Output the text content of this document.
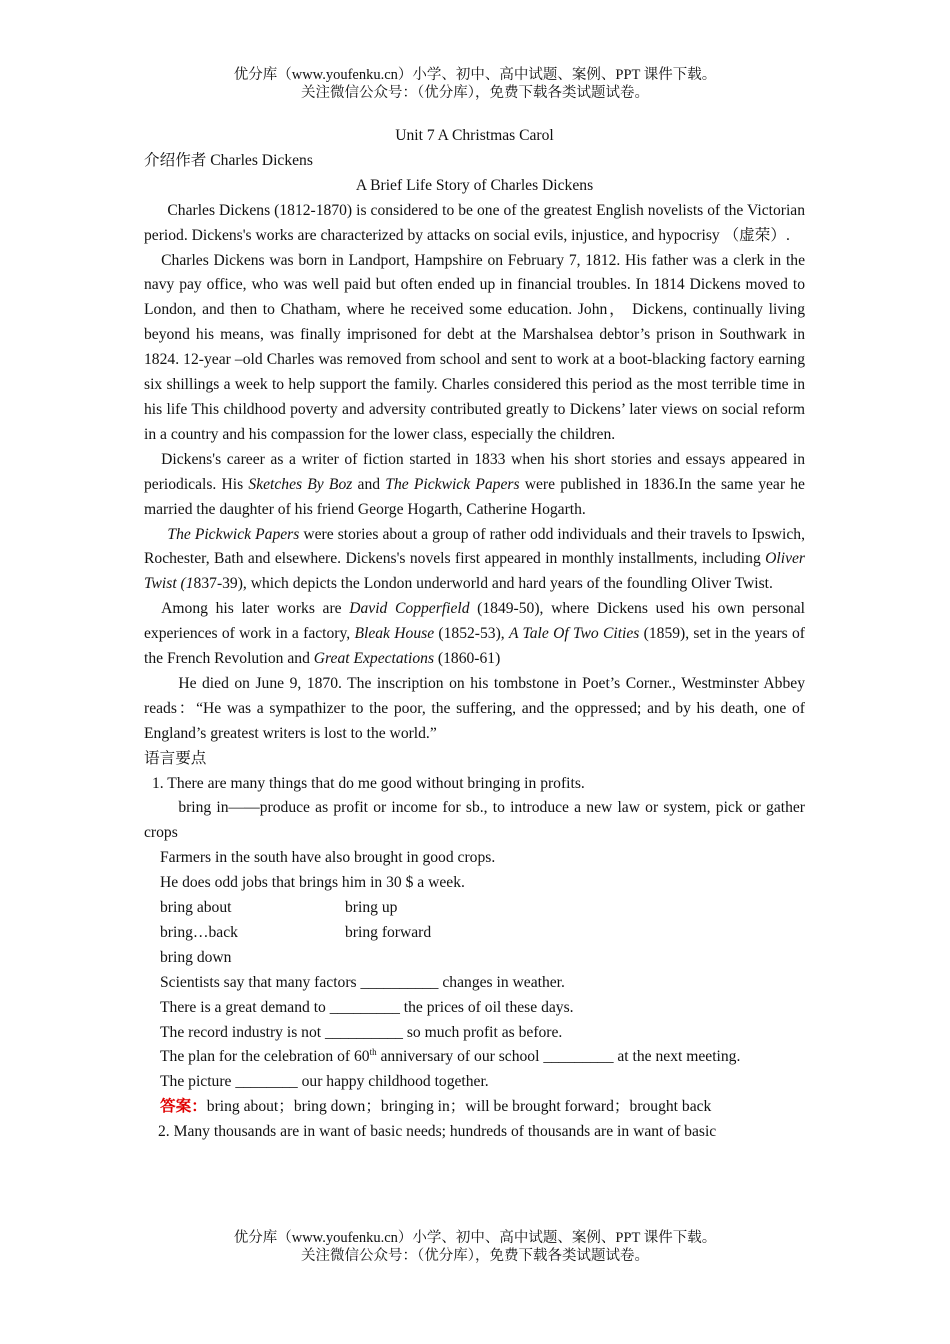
优分库（www.youfenku.cn）小学、初中、高中试题、案例、PPT 课件下载。
关注微信公众号：（优分库），免费下载各类试题试卷。

Unit 7 A Christmas Carol

介绍作者 Charles Dickens

A Brief Life Story of Charles Dickens

Charles Dickens (1812-1870) is considered to be one of the greatest English novelists of the Victorian period. Dickens's works are characterized by attacks on social evils, injustice, and hypocrisy （虚荣）.

Charles Dickens was born in Landport, Hampshire on February 7, 1812. His father was a clerk in the navy pay office, who was well paid but often ended up in financial troubles. In 1814 Dickens moved to London, and then to Chatham, where he received some education. John， Dickens, continually living beyond his means, was finally imprisoned for debt at the Marshalsea debtor’s prison in Southwark in 1824. 12-year –old Charles was removed from school and sent to work at a boot-blacking factory earning six shillings a week to help support the family. Charles considered this period as the most terrible time in his life This childhood poverty and adversity contributed greatly to Dickens’ later views on social reform in a country and his compassion for the lower class, especially the children.

Dickens's career as a writer of fiction started in 1833 when his short stories and essays appeared in periodicals. His Sketches By Boz and The Pickwick Papers were published in 1836.In the same year he married the daughter of his friend George Hogarth, Catherine Hogarth.

The Pickwick Papers were stories about a group of rather odd individuals and their travels to Ipswich, Rochester, Bath and elsewhere. Dickens's novels first appeared in monthly installments, including Oliver Twist (1837-39), which depicts the London underworld and hard years of the foundling Oliver Twist.

Among his later works are David Copperfield (1849-50), where Dickens used his own personal experiences of work in a factory, Bleak House (1852-53), A Tale Of Two Cities (1859), set in the years of the French Revolution and Great Expectations (1860-61)

He died on June 9, 1870. The inscription on his tombstone in Poet’s Corner., Westminster Abbey reads：“He was a sympathizer to the poor, the suffering, and the oppressed; and by his death, one of England’s greatest writers is lost to the world.”

语言要点

1. There are many things that do me good without bringing in profits.

bring in——produce as profit or income for sb., to introduce a new law or system, pick or gather crops

Farmers in the south have also brought in good crops.

He does odd jobs that brings him in 30 $ a week.

bring about	bring up
bring…back	bring forward
bring down

Scientists say that many factors __________ changes in weather.

There is a great demand to _________ the prices of oil these days.

The record industry is not __________ so much profit as before.

The plan for the celebration of 60th anniversary of our school _________ at the next meeting.

The picture ________ our happy childhood together.

答案：bring about；bring down；bringing in；will be brought forward；brought back

2. Many thousands are in want of basic needs; hundreds of thousands are in want of basic

优分库（www.youfenku.cn）小学、初中、高中试题、案例、PPT 课件下载。
关注微信公众号：（优分库），免费下载各类试题试卷。
